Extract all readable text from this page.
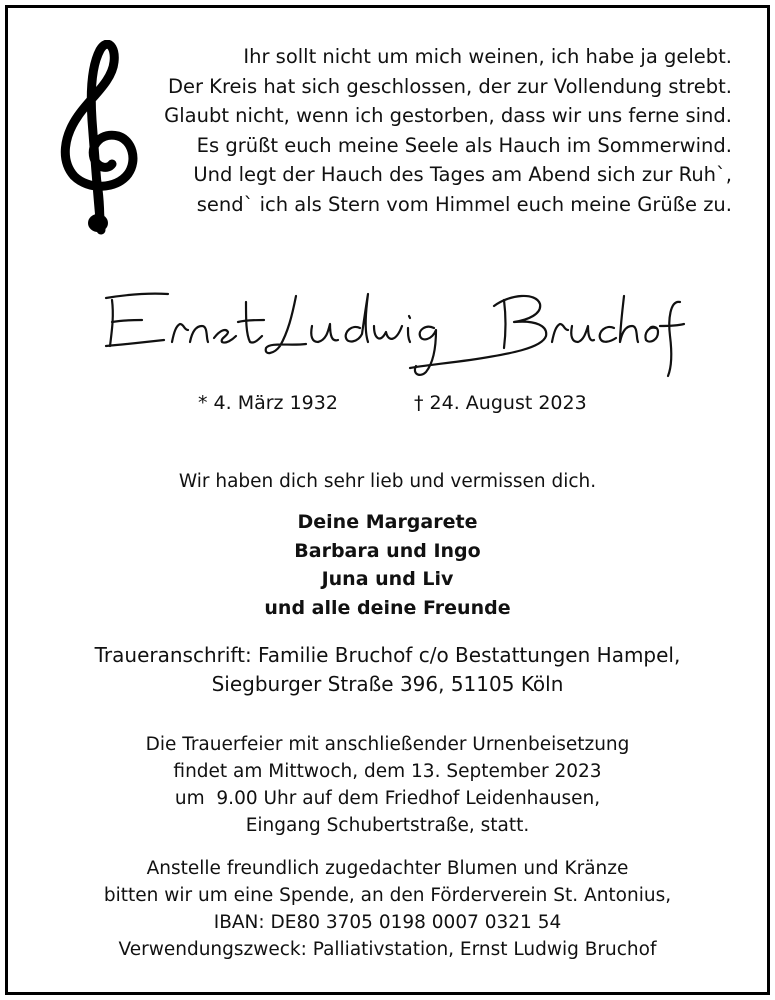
Ihr sollt nicht um mich weinen, ich habe ja gelebt.
Der Kreis hat sich geschlossen, der zur Vollendung strebt.
Glaubt nicht, wenn ich gestorben, dass wir uns ferne sind.
Es grüßt euch meine Seele als Hauch im Sommerwind.
Und legt der Hauch des Tages am Abend sich zur Ruh`,
send` ich als Stern vom Himmel euch meine Grüße zu.
* 4. März 1932	† 24. August 2023
Wir haben dich sehr lieb und vermissen dich.
Deine Margarete
Barbara und Ingo
Juna und Liv
und alle deine Freunde
Traueranschrift: Familie Bruchof c/o Bestattungen Hampel,
Siegburger Straße 396, 51105 Köln
Die Trauerfeier mit anschließender Urnenbeisetzung
findet am Mittwoch, dem 13. September 2023
um  9.00 Uhr auf dem Friedhof Leidenhausen,
Eingang Schubertstraße, statt.
Anstelle freundlich zugedachter Blumen und Kränze
bitten wir um eine Spende, an den Förderverein St. Antonius,
IBAN: DE80 3705 0198 0007 0321 54
Verwendungszweck: Palliativstation, Ernst Ludwig Bruchof
